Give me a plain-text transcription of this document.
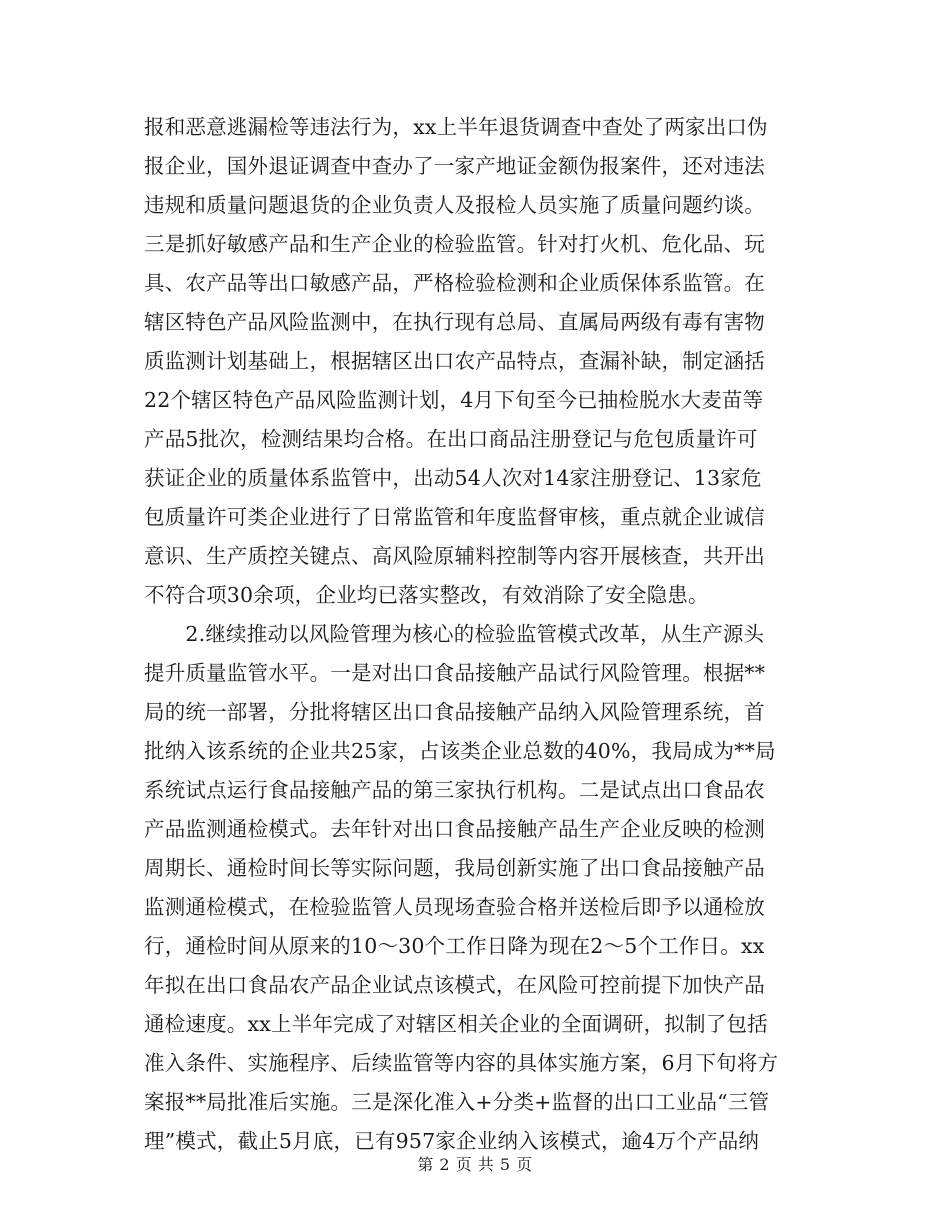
报和恶意逃漏检等违法行为，xx上半年退货调查中查处了两家出口伪
报企业，国外退证调查中查办了一家产地证金额伪报案件，还对违法
违规和质量问题退货的企业负责人及报检人员实施了质量问题约谈。
三是抓好敏感产品和生产企业的检验监管。针对打火机、危化品、玩
具、农产品等出口敏感产品，严格检验检测和企业质保体系监管。在
辖区特色产品风险监测中，在执行现有总局、直属局两级有毒有害物
质监测计划基础上，根据辖区出口农产品特点，查漏补缺，制定涵括
22个辖区特色产品风险监测计划，4月下旬至今已抽检脱水大麦苗等
产品5批次，检测结果均合格。在出口商品注册登记与危包质量许可
获证企业的质量体系监管中，出动54人次对14家注册登记、13家危
包质量许可类企业进行了日常监管和年度监督审核，重点就企业诚信
意识、生产质控关键点、高风险原辅料控制等内容开展核查，共开出
不符合项30余项，企业均已落实整改，有效消除了安全隐患。
　　2.继续推动以风险管理为核心的检验监管模式改革，从生产源头
提升质量监管水平。一是对出口食品接触产品试行风险管理。根据**
局的统一部署，分批将辖区出口食品接触产品纳入风险管理系统，首
批纳入该系统的企业共25家，占该类企业总数的40%，我局成为**局
系统试点运行食品接触产品的第三家执行机构。二是试点出口食品农
产品监测通检模式。去年针对出口食品接触产品生产企业反映的检测
周期长、通检时间长等实际问题，我局创新实施了出口食品接触产品
监测通检模式，在检验监管人员现场查验合格并送检后即予以通检放
行，通检时间从原来的10～30个工作日降为现在2～5个工作日。xx
年拟在出口食品农产品企业试点该模式，在风险可控前提下加快产品
通检速度。xx上半年完成了对辖区相关企业的全面调研，拟制了包括
准入条件、实施程序、后续监管等内容的具体实施方案，6月下旬将方
案报**局批准后实施。三是深化准入+分类+监督的出口工业品“三管
理”模式，截止5月底，已有957家企业纳入该模式，逾4万个产品纳
第 2 页 共 5 页
